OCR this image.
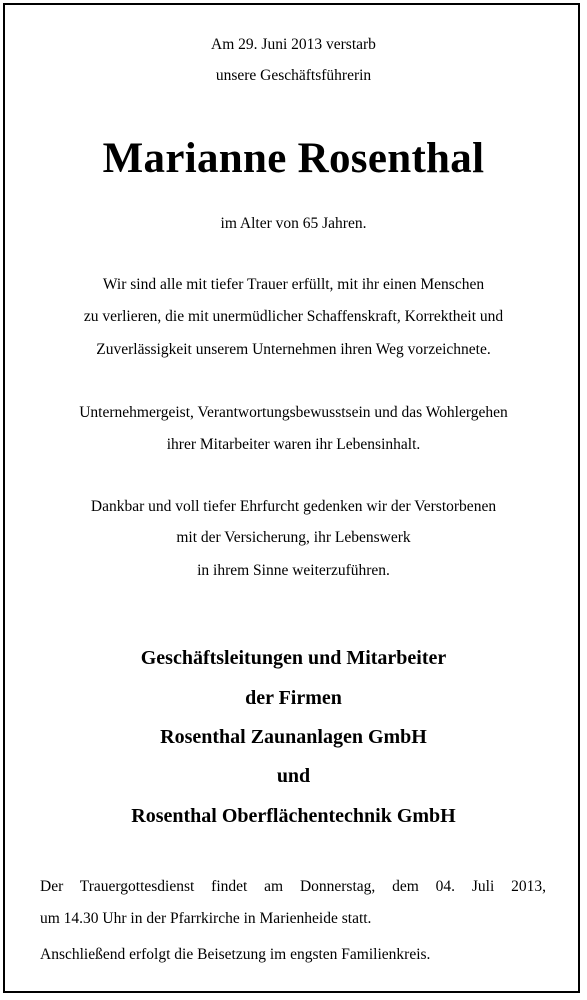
Am 29. Juni 2013 verstarb
unsere Geschäftsführerin
Marianne Rosenthal
im Alter von 65 Jahren.
Wir sind alle mit tiefer Trauer erfüllt, mit ihr einen Menschen
zu verlieren, die mit unermüdlicher Schaffenskraft, Korrektheit und
Zuverlässigkeit unserem Unternehmen ihren Weg vorzeichnete.
Unternehmergeist, Verantwortungsbewusstsein und das Wohlergehen
ihrer Mitarbeiter waren ihr Lebensinhalt.
Dankbar und voll tiefer Ehrfurcht gedenken wir der Verstorbenen
mit der Versicherung, ihr Lebenswerk
in ihrem Sinne weiterzuführen.
Geschäftsleitungen und Mitarbeiter
der Firmen
Rosenthal Zaunanlagen GmbH
und
Rosenthal Oberflächentechnik GmbH
Der Trauergottesdienst findet am Donnerstag, dem 04. Juli 2013,
um 14.30 Uhr in der Pfarrkirche in Marienheide statt.
Anschließend erfolgt die Beisetzung im engsten Familienkreis.
